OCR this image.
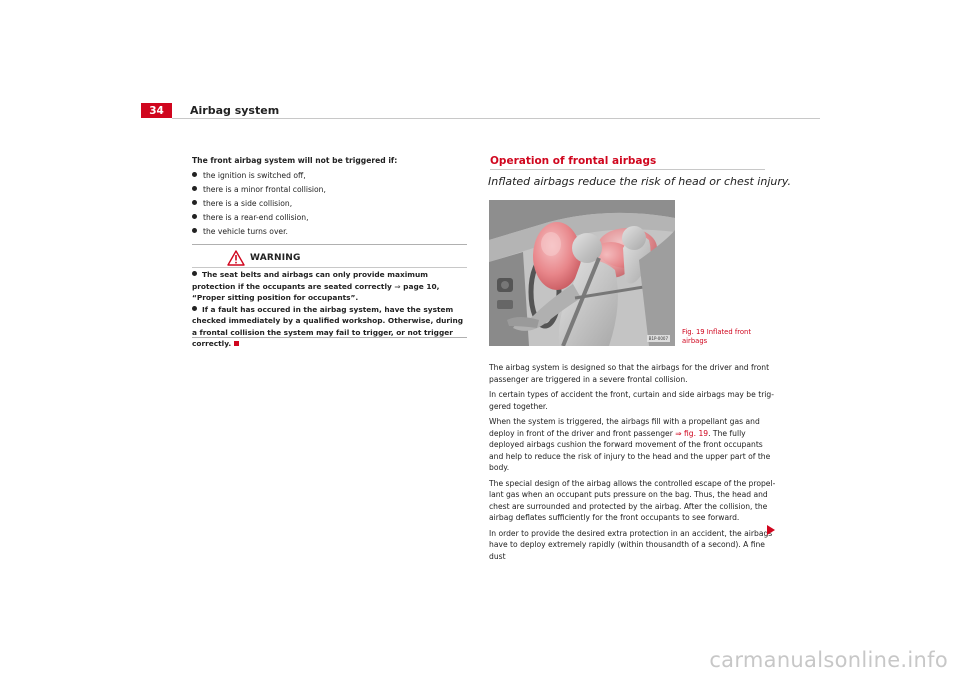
34	Airbag system
The front airbag system will not be triggered if:
the ignition is switched off,
there is a minor frontal collision,
there is a side collision,
there is a rear-end collision,
the vehicle turns over.
WARNING

The seat belts and airbags can only provide maximum protection if the occupants are seated correctly ⇒ page 10, “Proper sitting position for occupants”.

If a fault has occured in the airbag system, have the system checked immediately by a qualified workshop. Otherwise, during a frontal collision the system may fail to trigger, or not trigger correctly.

Operation of frontal airbags
Inflated airbags reduce the risk of head or chest injury.
B1P-0007
Fig. 19 Inflated front
airbags

The airbag system is designed so that the airbags for the driver and front passenger are triggered in a severe frontal collision.

In certain types of accident the front, curtain and side airbags may be trig-gered together.

When the system is triggered, the airbags fill with a propellant gas and deploy in front of the driver and front passenger ⇒ fig. 19. The fully deployed airbags cushion the forward movement of the front occupants and help to reduce the risk of injury to the head and the upper part of the body.

The special design of the airbag allows the controlled escape of the propel-lant gas when an occupant puts pressure on the bag. Thus, the head and chest are surrounded and protected by the airbag. After the collision, the airbag deflates sufficiently for the front occupants to see forward.

In order to provide the desired extra protection in an accident, the airbags have to deploy extremely rapidly (within thousandth of a second). A fine dust

carmanualsonline.info
